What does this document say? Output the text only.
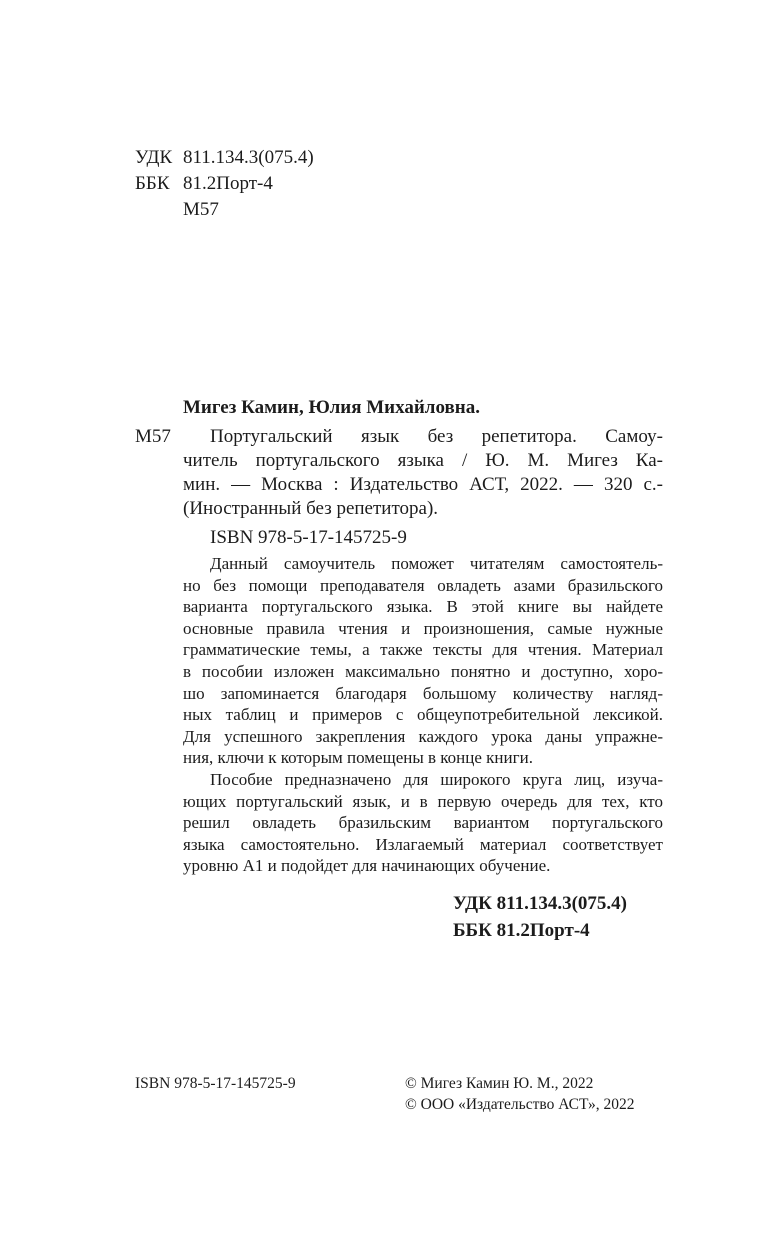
УДК 811.134.3(075.4)
ББК 81.2Порт-4
М57
Мигез Камин, Юлия Михайловна.
М57 Португальский язык без репетитора. Самоу-
читель португальского языка / Ю. М. Мигез Ка-
мин. — Москва : Издательство АСТ, 2022. — 320 с.-
(Иностранный без репетитора).
ISBN 978-5-17-145725-9
Данный самоучитель поможет читателям самостоятель-
но без помощи преподавателя овладеть азами бразильского
варианта португальского языка. В этой книге вы найдете
основные правила чтения и произношения, самые нужные
грамматические темы, а также тексты для чтения. Материал
в пособии изложен максимально понятно и доступно, хоро-
шо запоминается благодаря большому количеству нагляд-
ных таблиц и примеров с общеупотребительной лексикой.
Для успешного закрепления каждого урока даны упражне-
ния, ключи к которым помещены в конце книги.
Пособие предназначено для широкого круга лиц, изуча-
ющих португальский язык, и в первую очередь для тех, кто
решил овладеть бразильским вариантом португальского
языка самостоятельно. Излагаемый материал соответствует
уровню А1 и подойдет для начинающих обучение.
УДК 811.134.3(075.4)
ББК 81.2Порт-4
ISBN 978-5-17-145725-9	© Мигез Камин Ю. М., 2022
© ООО «Издательство АСТ», 2022
